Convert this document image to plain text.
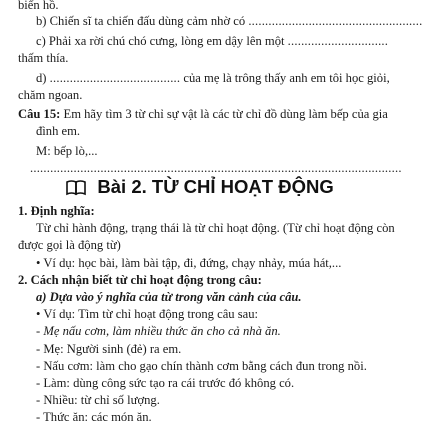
biển hồ.
b) Chiến sĩ ta chiến đấu dùng cảm nhờ có ....................................................
c) Phải xa rời chú chó cưng, lòng em dậy lên một ..............................
thấm thía.
d) ....................................... của mẹ là trông thấy anh em tôi học giỏi,
chăm ngoan.
Câu 15: Em hãy tìm 3 từ chỉ sự vật là các từ chỉ đồ dùng làm bếp của gia
đình em.
M: bếp lò,...
...............................................................................................................
Bài 2. TỪ CHỈ HOẠT ĐỘNG
1. Định nghĩa:
Từ chỉ hành động, trạng thái là từ chỉ hoạt động. (Từ chỉ hoạt động còn
được gọi là động từ)
• Ví dụ: học bài, làm bài tập, đi, đứng, chạy nhảy, múa hát,...
2. Cách nhận biết từ chỉ hoạt động trong câu:
a) Dựa vào ý nghĩa của từ trong văn cảnh của câu.
• Ví dụ: Tìm từ chỉ hoạt động trong câu sau:
- Mẹ nấu cơm, làm nhiều thức ăn cho cả nhà ăn.
- Mẹ: Người sinh (đẻ) ra em.
- Nấu cơm: làm cho gạo chín thành cơm bằng cách đun trong nồi.
- Làm: dùng công sức tạo ra cái trước đó không có.
- Nhiều: từ chỉ số lượng.
- Thức ăn: các món ăn.
